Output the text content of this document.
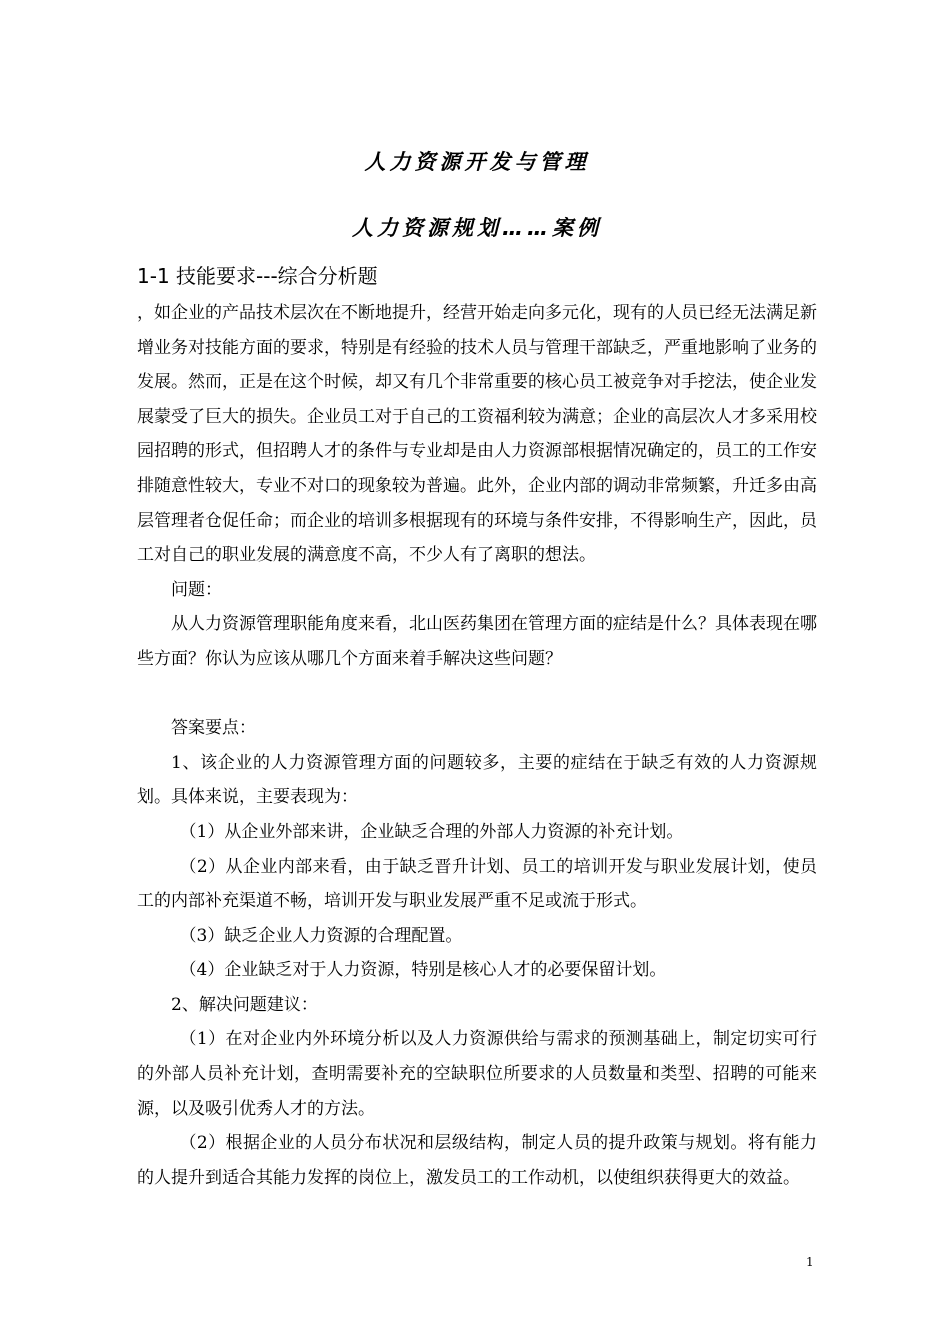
人力资源开发与管理
人力资源规划……案例
1-1 技能要求---综合分析题

，如企业的产品技术层次在不断地提升，经营开始走向多元化，现有的人员已经无法满足新增业务对技能方面的要求，特别是有经验的技术人员与管理干部缺乏，严重地影响了业务的发展。然而，正是在这个时候，却又有几个非常重要的核心员工被竞争对手挖法，使企业发展蒙受了巨大的损失。企业员工对于自己的工资福利较为满意；企业的高层次人才多采用校园招聘的形式，但招聘人才的条件与专业却是由人力资源部根据情况确定的，员工的工作安排随意性较大，专业不对口的现象较为普遍。此外，企业内部的调动非常频繁，升迁多由高层管理者仓促任命；而企业的培训多根据现有的环境与条件安排，不得影响生产，因此，员工对自己的职业发展的满意度不高，不少人有了离职的想法。

问题：

从人力资源管理职能角度来看，北山医药集团在管理方面的症结是什么？具体表现在哪些方面？你认为应该从哪几个方面来着手解决这些问题？

答案要点：

1、该企业的人力资源管理方面的问题较多，主要的症结在于缺乏有效的人力资源规划。具体来说，主要表现为：

（1）从企业外部来讲，企业缺乏合理的外部人力资源的补充计划。

（2）从企业内部来看，由于缺乏晋升计划、员工的培训开发与职业发展计划，使员工的内部补充渠道不畅，培训开发与职业发展严重不足或流于形式。

（3）缺乏企业人力资源的合理配置。

（4）企业缺乏对于人力资源，特别是核心人才的必要保留计划。

2、解决问题建议：

（1）在对企业内外环境分析以及人力资源供给与需求的预测基础上，制定切实可行的外部人员补充计划，查明需要补充的空缺职位所要求的人员数量和类型、招聘的可能来源，以及吸引优秀人才的方法。

（2）根据企业的人员分布状况和层级结构，制定人员的提升政策与规划。将有能力的人提升到适合其能力发挥的岗位上，激发员工的工作动机，以使组织获得更大的效益。

1
